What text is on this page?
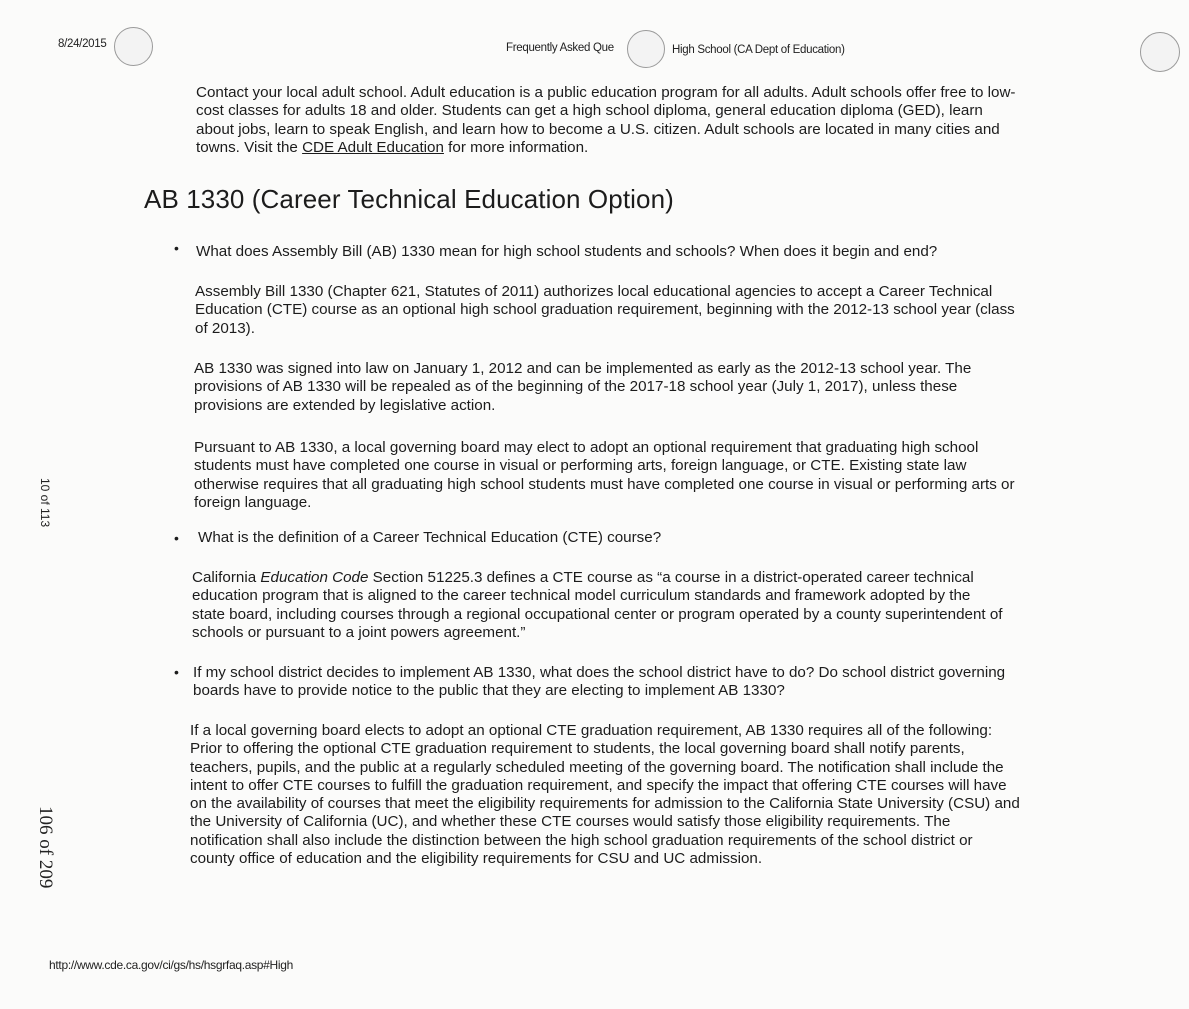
8/24/2015	Frequently Asked Que	High School (CA Dept of Education)

Contact your local adult school. Adult education is a public education program for all adults. Adult schools offer free to low-cost classes for adults 18 and older. Students can get a high school diploma, general education diploma (GED), learn about jobs, learn to speak English, and learn how to become a U.S. citizen. Adult schools are located in many cities and towns. Visit the CDE Adult Education for more information.

AB 1330 (Career Technical Education Option)
• What does Assembly Bill (AB) 1330 mean for high school students and schools? When does it begin and end?

Assembly Bill 1330 (Chapter 621, Statutes of 2011) authorizes local educational agencies to accept a Career Technical Education (CTE) course as an optional high school graduation requirement, beginning with the 2012-13 school year (class of 2013).

AB 1330 was signed into law on January 1, 2012 and can be implemented as early as the 2012-13 school year. The provisions of AB 1330 will be repealed as of the beginning of the 2017-18 school year (July 1, 2017), unless these provisions are extended by legislative action.

Pursuant to AB 1330, a local governing board may elect to adopt an optional requirement that graduating high school students must have completed one course in visual or performing arts, foreign language, or CTE. Existing state law otherwise requires that all graduating high school students must have completed one course in visual or performing arts or foreign language.

• What is the definition of a Career Technical Education (CTE) course?

California Education Code Section 51225.3 defines a CTE course as “a course in a district-operated career technical education program that is aligned to the career technical model curriculum standards and framework adopted by the state board, including courses through a regional occupational center or program operated by a county superintendent of schools or pursuant to a joint powers agreement.”

• If my school district decides to implement AB 1330, what does the school district have to do? Do school district governing boards have to provide notice to the public that they are electing to implement AB 1330?

If a local governing board elects to adopt an optional CTE graduation requirement, AB 1330 requires all of the following: Prior to offering the optional CTE graduation requirement to students, the local governing board shall notify parents, teachers, pupils, and the public at a regularly scheduled meeting of the governing board. The notification shall include the intent to offer CTE courses to fulfill the graduation requirement, and specify the impact that offering CTE courses will have on the availability of courses that meet the eligibility requirements for admission to the California State University (CSU) and the University of California (UC), and whether these CTE courses would satisfy those eligibility requirements. The notification shall also include the distinction between the high school graduation requirements of the school district or county office of education and the eligibility requirements for CSU and UC admission.

10 of 113
106 of 209
http://www.cde.ca.gov/ci/gs/hs/hsgrfaq.asp#High
